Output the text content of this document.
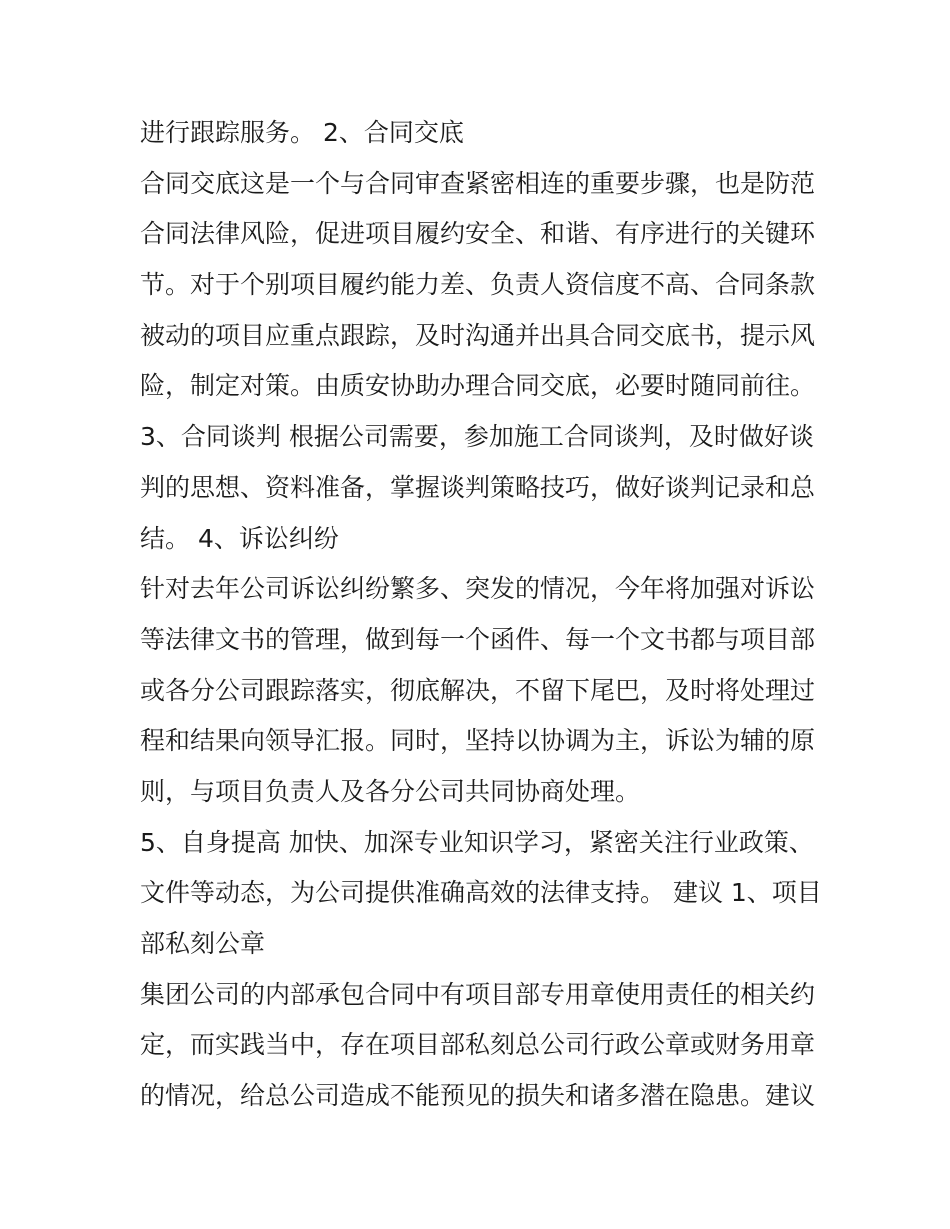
进行跟踪服务。 2、合同交底
合同交底这是一个与合同审查紧密相连的重要步骤，也是防范
合同法律风险，促进项目履约安全、和谐、有序进行的关键环
节。对于个别项目履约能力差、负责人资信度不高、合同条款
被动的项目应重点跟踪，及时沟通并出具合同交底书，提示风
险，制定对策。由质安协助办理合同交底，必要时随同前往。
3、合同谈判 根据公司需要，参加施工合同谈判，及时做好谈
判的思想、资料准备，掌握谈判策略技巧，做好谈判记录和总
结。 4、诉讼纠纷
针对去年公司诉讼纠纷繁多、突发的情况，今年将加强对诉讼
等法律文书的管理，做到每一个函件、每一个文书都与项目部
或各分公司跟踪落实，彻底解决，不留下尾巴，及时将处理过
程和结果向领导汇报。同时，坚持以协调为主，诉讼为辅的原
则，与项目负责人及各分公司共同协商处理。
5、自身提高 加快、加深专业知识学习，紧密关注行业政策、
文件等动态，为公司提供准确高效的法律支持。 建议 1、项目
部私刻公章
集团公司的内部承包合同中有项目部专用章使用责任的相关约
定，而实践当中，存在项目部私刻总公司行政公章或财务用章
的情况，给总公司造成不能预见的损失和诸多潜在隐患。建议
